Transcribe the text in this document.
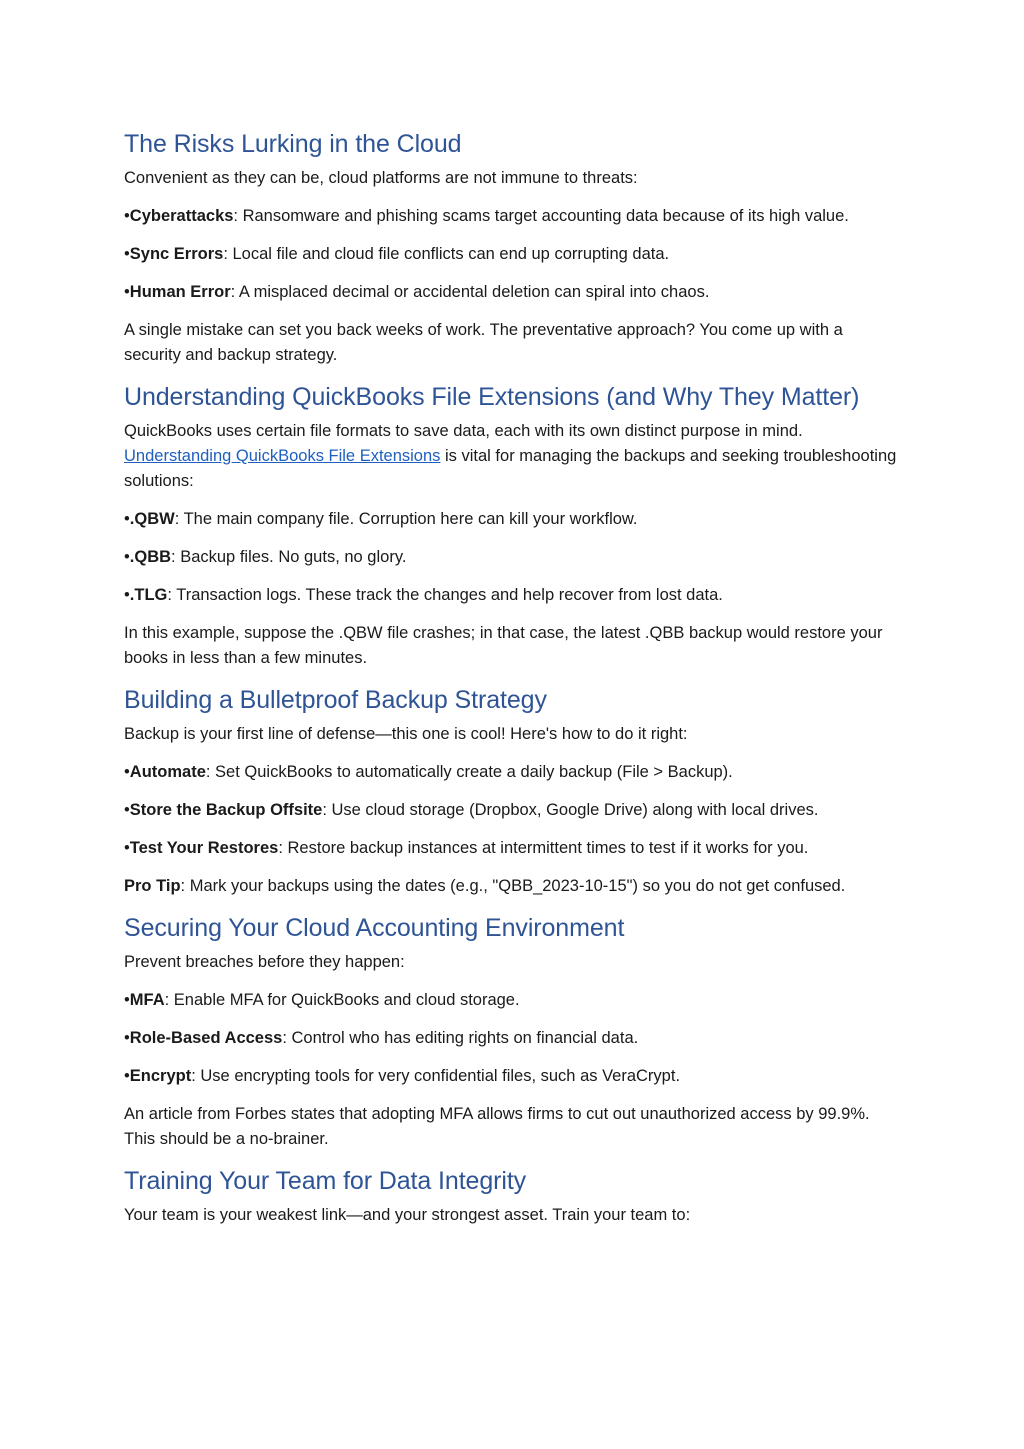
The Risks Lurking in the Cloud

Convenient as they can be, cloud platforms are not immune to threats:

•Cyberattacks: Ransomware and phishing scams target accounting data because of its high value.
•Sync Errors: Local file and cloud file conflicts can end up corrupting data.
•Human Error: A misplaced decimal or accidental deletion can spiral into chaos.

A single mistake can set you back weeks of work. The preventative approach? You come up with a security and backup strategy.

Understanding QuickBooks File Extensions (and Why They Matter)

QuickBooks uses certain file formats to save data, each with its own distinct purpose in mind.
Understanding QuickBooks File Extensions is vital for managing the backups and seeking troubleshooting solutions:

•.QBW: The main company file. Corruption here can kill your workflow.
•.QBB: Backup files. No guts, no glory.
•.TLG: Transaction logs. These track the changes and help recover from lost data.

In this example, suppose the .QBW file crashes; in that case, the latest .QBB backup would restore your books in less than a few minutes.

Building a Bulletproof Backup Strategy

Backup is your first line of defense—this one is cool! Here's how to do it right:

•Automate: Set QuickBooks to automatically create a daily backup (File > Backup).
•Store the Backup Offsite: Use cloud storage (Dropbox, Google Drive) along with local drives.
•Test Your Restores: Restore backup instances at intermittent times to test if it works for you.

Pro Tip: Mark your backups using the dates (e.g., "QBB_2023-10-15") so you do not get confused.

Securing Your Cloud Accounting Environment

Prevent breaches before they happen:

•MFA: Enable MFA for QuickBooks and cloud storage.
•Role-Based Access: Control who has editing rights on financial data.
•Encrypt: Use encrypting tools for very confidential files, such as VeraCrypt.

An article from Forbes states that adopting MFA allows firms to cut out unauthorized access by 99.9%. This should be a no-brainer.

Training Your Team for Data Integrity

Your team is your weakest link—and your strongest asset. Train your team to:
